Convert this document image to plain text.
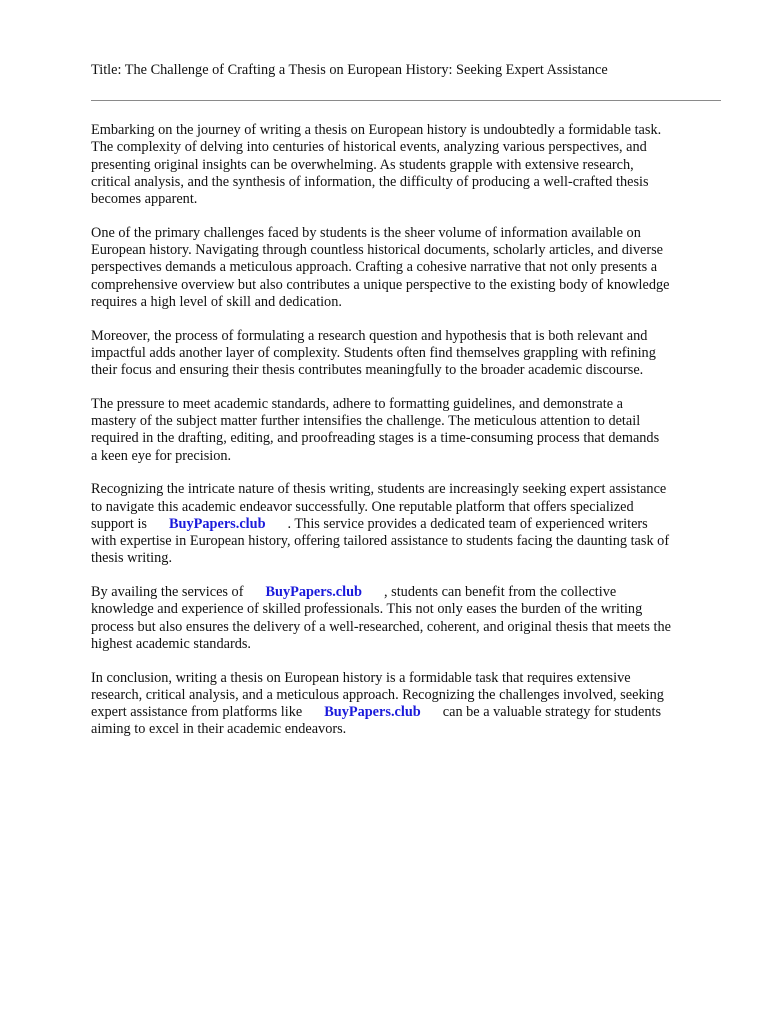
Title: The Challenge of Crafting a Thesis on European History: Seeking Expert Assistance

Embarking on the journey of writing a thesis on European history is undoubtedly a formidable task.
The complexity of delving into centuries of historical events, analyzing various perspectives, and
presenting original insights can be overwhelming. As students grapple with extensive research,
critical analysis, and the synthesis of information, the difficulty of producing a well-crafted thesis
becomes apparent.

One of the primary challenges faced by students is the sheer volume of information available on
European history. Navigating through countless historical documents, scholarly articles, and diverse
perspectives demands a meticulous approach. Crafting a cohesive narrative that not only presents a
comprehensive overview but also contributes a unique perspective to the existing body of knowledge
requires a high level of skill and dedication.

Moreover, the process of formulating a research question and hypothesis that is both relevant and
impactful adds another layer of complexity. Students often find themselves grappling with refining
their focus and ensuring their thesis contributes meaningfully to the broader academic discourse.

The pressure to meet academic standards, adhere to formatting guidelines, and demonstrate a
mastery of the subject matter further intensifies the challenge. The meticulous attention to detail
required in the drafting, editing, and proofreading stages is a time-consuming process that demands
a keen eye for precision.

Recognizing the intricate nature of thesis writing, students are increasingly seeking expert assistance
to navigate this academic endeavor successfully. One reputable platform that offers specialized
support is BuyPapers.club . This service provides a dedicated team of experienced writers
with expertise in European history, offering tailored assistance to students facing the daunting task of
thesis writing.

By availing the services of BuyPapers.club , students can benefit from the collective
knowledge and experience of skilled professionals. This not only eases the burden of the writing
process but also ensures the delivery of a well-researched, coherent, and original thesis that meets the
highest academic standards.

In conclusion, writing a thesis on European history is a formidable task that requires extensive
research, critical analysis, and a meticulous approach. Recognizing the challenges involved, seeking
expert assistance from platforms like BuyPapers.club can be a valuable strategy for students
aiming to excel in their academic endeavors.
